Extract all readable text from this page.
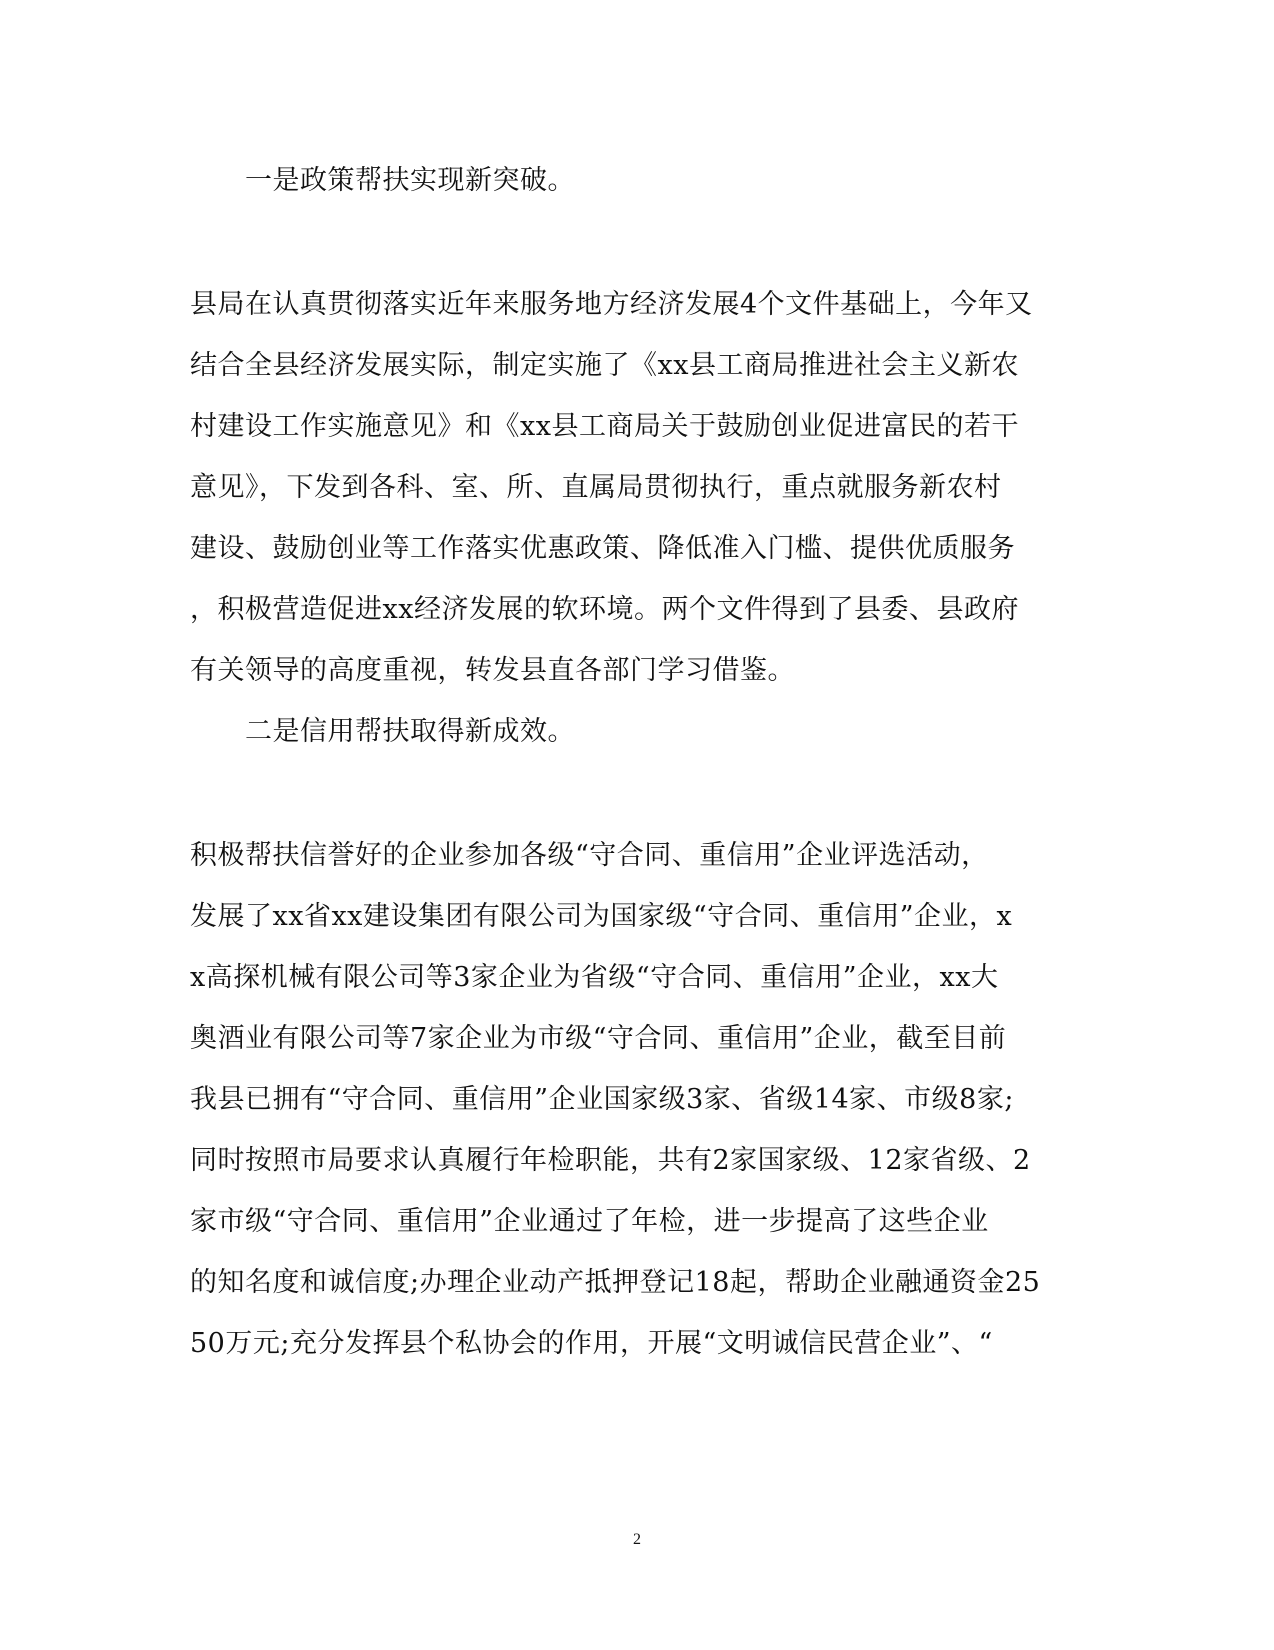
一是政策帮扶实现新突破。
县局在认真贯彻落实近年来服务地方经济发展4个文件基础上，今年又
结合全县经济发展实际，制定实施了《xx县工商局推进社会主义新农
村建设工作实施意见》和《xx县工商局关于鼓励创业促进富民的若干
意见》，下发到各科、室、所、直属局贯彻执行，重点就服务新农村
建设、鼓励创业等工作落实优惠政策、降低准入门槛、提供优质服务
，积极营造促进xx经济发展的软环境。两个文件得到了县委、县政府
有关领导的高度重视，转发县直各部门学习借鉴。
二是信用帮扶取得新成效。
积极帮扶信誉好的企业参加各级“守合同、重信用”企业评选活动，
发展了xx省xx建设集团有限公司为国家级“守合同、重信用”企业，x
x高探机械有限公司等3家企业为省级“守合同、重信用”企业，xx大
奥酒业有限公司等7家企业为市级“守合同、重信用”企业，截至目前
我县已拥有“守合同、重信用”企业国家级3家、省级14家、市级8家;
同时按照市局要求认真履行年检职能，共有2家国家级、12家省级、2
家市级“守合同、重信用”企业通过了年检，进一步提高了这些企业
的知名度和诚信度;办理企业动产抵押登记18起，帮助企业融通资金25
50万元;充分发挥县个私协会的作用，开展“文明诚信民营企业”、“
2
